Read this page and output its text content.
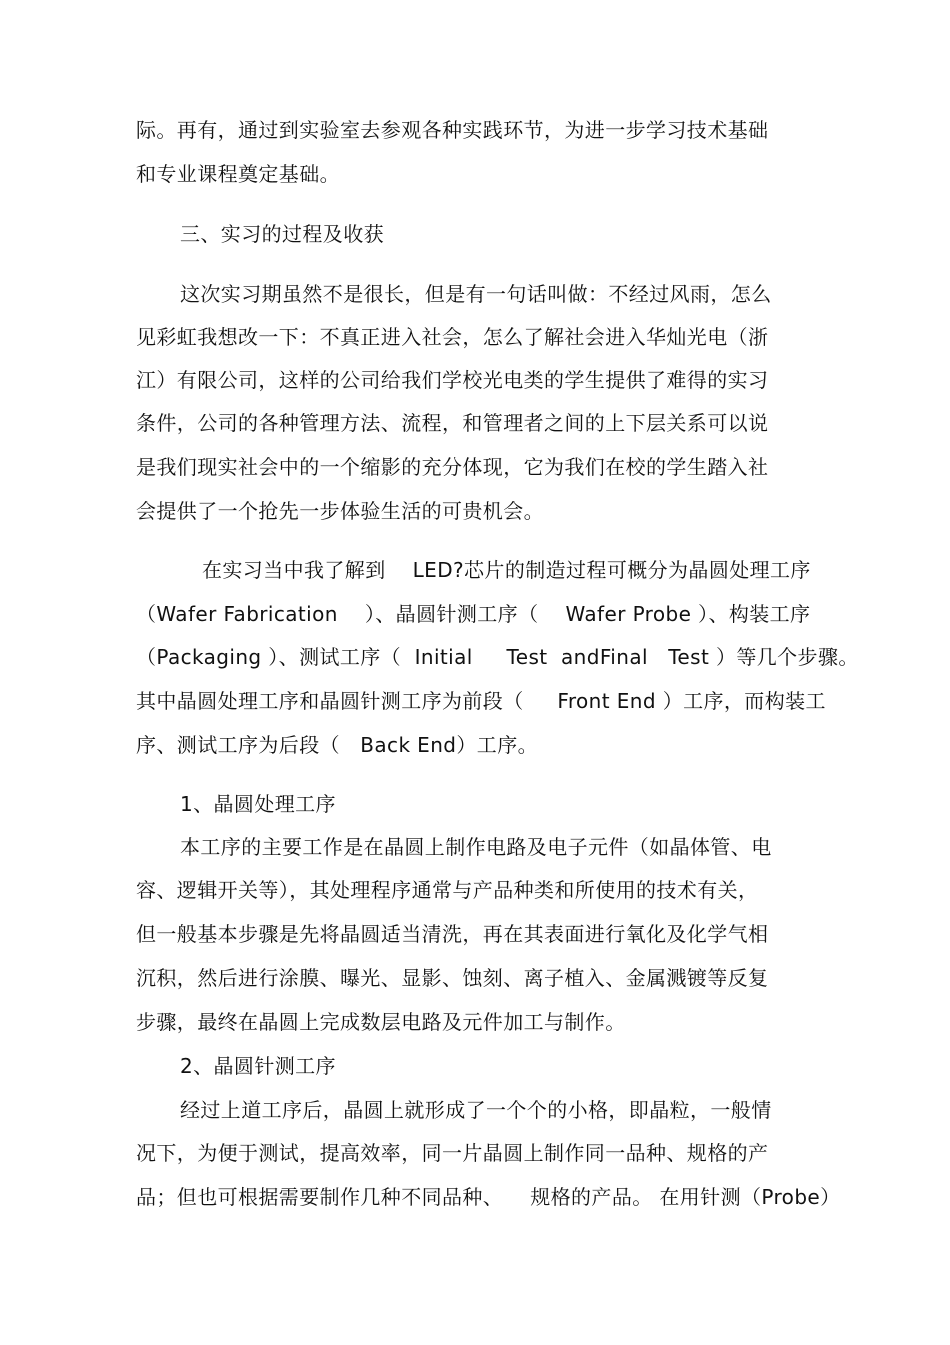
际。再有，通过到实验室去参观各种实践环节，为进一步学习技术基础
和专业课程奠定基础。
三、实习的过程及收获
这次实习期虽然不是很长，但是有一句话叫做：不经过风雨，怎么
见彩虹我想改一下：不真正进入社会，怎么了解社会进入华灿光电（浙
江）有限公司，这样的公司给我们学校光电类的学生提供了难得的实习
条件，公司的各种管理方法、流程，和管理者之间的上下层关系可以说
是我们现实社会中的一个缩影的充分体现，它为我们在校的学生踏入社
会提供了一个抢先一步体验生活的可贵机会。
在实习当中我了解到    LED?芯片的制造过程可概分为晶圆处理工序
（Wafer Fabrication    ）、晶圆针测工序（    Wafer Probe ）、构装工序
（Packaging ）、测试工序（  Initial     Test  andFinal   Test ）等几个步骤。
其中晶圆处理工序和晶圆针测工序为前段（     Front End ）工序，而构装工
序、测试工序为后段（   Back End）工序。
1、晶圆处理工序
本工序的主要工作是在晶圆上制作电路及电子元件（如晶体管、电
容、逻辑开关等），其处理程序通常与产品种类和所使用的技术有关，
但一般基本步骤是先将晶圆适当清洗，再在其表面进行氧化及化学气相
沉积，然后进行涂膜、曝光、显影、蚀刻、离子植入、金属溅镀等反复
步骤，最终在晶圆上完成数层电路及元件加工与制作。
2、晶圆针测工序
经过上道工序后，晶圆上就形成了一个个的小格，即晶粒，一般情
况下，为便于测试，提高效率，同一片晶圆上制作同一品种、规格的产
品；但也可根据需要制作几种不同品种、    规格的产品。 在用针测（Probe）
